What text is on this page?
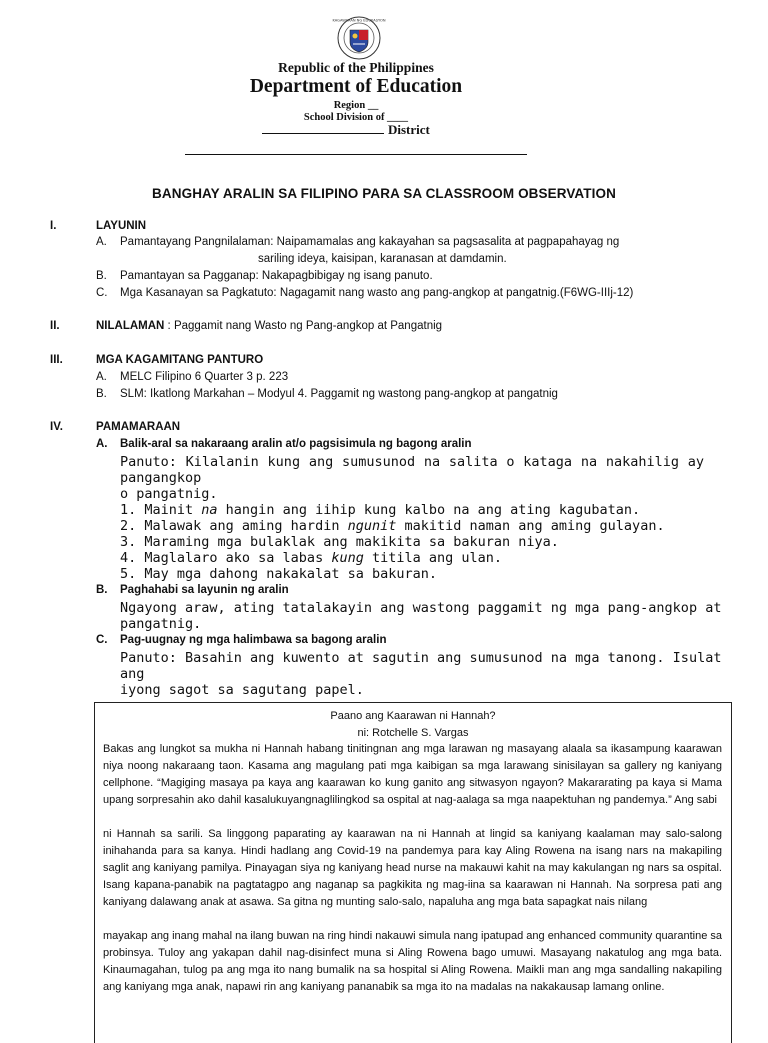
KAGAWARAN NG EDUKASYON
Republic of the Philippines
Department of Education
Region __
School Division of ____
District
BANGHAY ARALIN SA FILIPINO PARA SA CLASSROOM OBSERVATION
I.	LAYUNIN
A. Pamantayang Pangnilalaman: Naipamamalas ang kakayahan sa pagsasalita at pagpapahayag ng
sariling ideya, kaisipan, karanasan at damdamin.
B. Pamantayan sa Pagganap: Nakapagbibigay ng isang panuto.
C. Mga Kasanayan sa Pagkatuto: Nagagamit nang wasto ang pang-angkop at pangatnig.(F6WG-IIIj-12)
II.	NILALAMAN : Paggamit nang Wasto ng Pang-angkop at Pangatnig
III.	MGA KAGAMITANG PANTURO
A. MELC Filipino 6 Quarter 3 p. 223
B. SLM: Ikatlong Markahan – Modyul 4. Paggamit ng wastong pang-angkop at pangatnig
IV.	PAMAMARAAN
A. Balik-aral sa nakaraang aralin at/o pagsisimula ng bagong aralin
Panuto: Kilalanin kung ang sumusunod na salita o kataga na nakahilig ay
pangangkop
o pangatnig.
1. Mainit na hangin ang iihip kung kalbo na ang ating kagubatan.
2. Malawak ang aming hardin ngunit makitid naman ang aming gulayan.
3. Maraming mga bulaklak ang makikita sa bakuran niya.
4. Maglalaro ako sa labas kung titila ang ulan.
5. May mga dahong nakakalat sa bakuran.
B. Paghahabi sa layunin ng aralin
Ngayong araw, ating tatalakayin ang wastong paggamit ng mga pang-angkop at
pangatnig.
C. Pag-uugnay ng mga halimbawa sa bagong aralin
Panuto: Basahin ang kuwento at sagutin ang sumusunod na mga tanong. Isulat
ang
iyong sagot sa sagutang papel.
Paano ang Kaarawan ni Hannah?
ni: Rotchelle S. Vargas
Bakas ang lungkot sa mukha ni Hannah habang tinitingnan ang mga larawan ng masayang alaala sa ikasampung kaarawan niya noong nakaraang taon. Kasama ang magulang pati mga kaibigan sa mga larawang sinisilayan sa gallery ng kaniyang cellphone. “Magiging masaya pa kaya ang kaarawan ko kung ganito ang sitwasyon ngayon? Makararating pa kaya si Mama upang sorpresahin ako dahil kasalukuyangnaglilingkod sa ospital at nag-aalaga sa mga naapektuhan ng pandemya.” Ang sabi
ni Hannah sa sarili. Sa linggong paparating ay kaarawan na ni Hannah at lingid sa kaniyang kaalaman may salo-salong inihahanda para sa kanya. Hindi hadlang ang Covid-19 na pandemya para kay Aling Rowena na isang nars na makapiling saglit ang kaniyang pamilya. Pinayagan siya ng kaniyang head nurse na makauwi kahit na may kakulangan ng nars sa ospital. Isang kapana-panabik na pagtatagpo ang naganap sa pagkikita ng mag-iina sa kaarawan ni Hannah. Na sorpresa pati ang kaniyang dalawang anak at asawa. Sa gitna ng munting salo-salo, napaluha ang mga bata sapagkat nais nilang
mayakap ang inang mahal na ilang buwan na ring hindi nakauwi simula nang ipatupad ang enhanced community quarantine sa probinsya. Tuloy ang yakapan dahil nag-disinfect muna si Aling Rowena bago umuwi. Masayang nakatulog ang mga bata. Kinaumagahan, tulog pa ang mga ito nang bumalik na sa hospital si Aling Rowena. Maikli man ang mga sandalling nakapiling ang kaniyang mga anak, napawi rin ang kaniyang pananabik sa mga ito na madalas na nakakausap lamang online.
